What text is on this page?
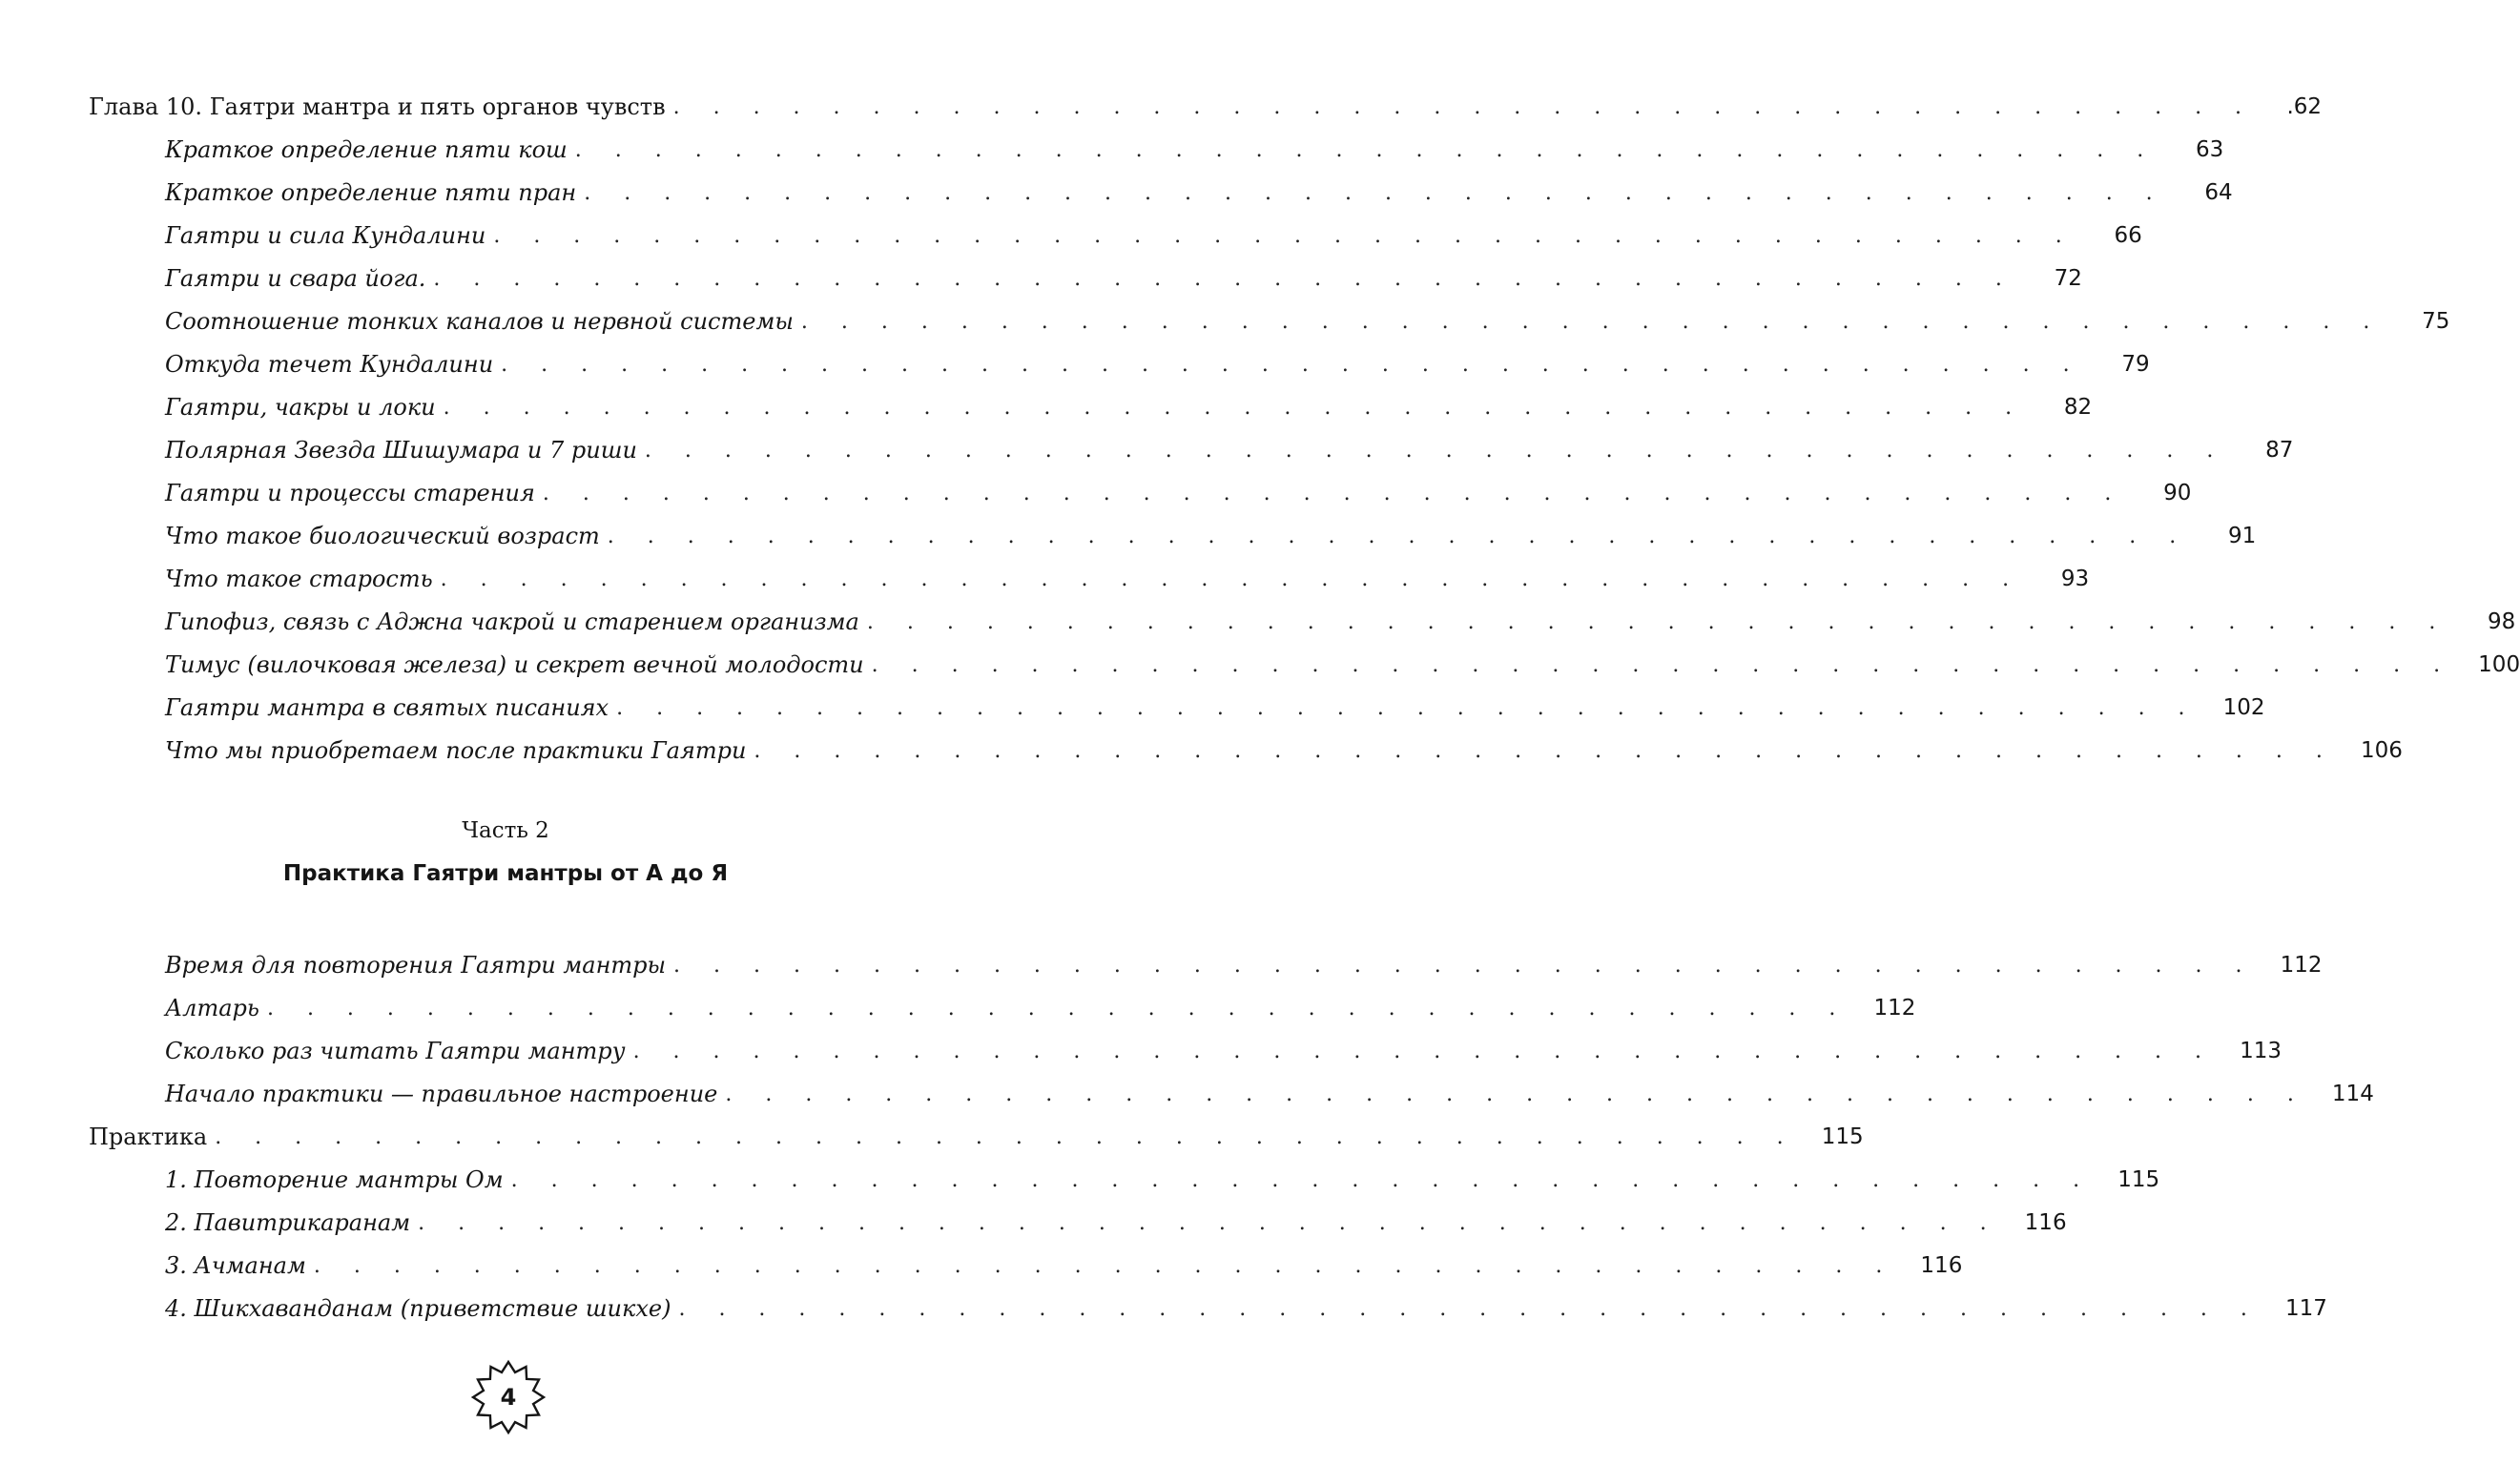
Глава 10. Гаятри мантра и пять органов чувств . . . . . . . . . . . . . . . . . . . . . . . . . . . . . . . . . . . . . . . .	.62
Краткое определение пяти кош . . . . . . . . . . . . . . . . . . . . . . . . . . . . . . . . . . . . . . . .	63
Краткое определение пяти пран . . . . . . . . . . . . . . . . . . . . . . . . . . . . . . . . . . . . . . . .	64
Гаятри и сила Кундалини . . . . . . . . . . . . . . . . . . . . . . . . . . . . . . . . . . . . . . . .	66
Гаятри и свара йога. . . . . . . . . . . . . . . . . . . . . . . . . . . . . . . . . . . . . . . . .	72
Соотношение тонких каналов и нервной системы . . . . . . . . . . . . . . . . . . . . . . . . . . . . . . . . . . . . . . . .	75
Откуда течет Кундалини . . . . . . . . . . . . . . . . . . . . . . . . . . . . . . . . . . . . . . . .	79
Гаятри, чакры и локи . . . . . . . . . . . . . . . . . . . . . . . . . . . . . . . . . . . . . . . .	82
Полярная Звезда Шишумара и 7 риши . . . . . . . . . . . . . . . . . . . . . . . . . . . . . . . . . . . . . . . .	87
Гаятри и процессы старения . . . . . . . . . . . . . . . . . . . . . . . . . . . . . . . . . . . . . . . .	90
Что такое биологический возраст . . . . . . . . . . . . . . . . . . . . . . . . . . . . . . . . . . . . . . . .	91
Что такое старость . . . . . . . . . . . . . . . . . . . . . . . . . . . . . . . . . . . . . . . .	93
Гипофиз, связь с Аджна чакрой и старением организма . . . . . . . . . . . . . . . . . . . . . . . . . . . . . . . . . . . . . . . .	98
Тимус (вилочковая железа) и секрет вечной молодости . . . . . . . . . . . . . . . . . . . . . . . . . . . . . . . . . . . . . . . .	100
Гаятри мантра в святых писаниях . . . . . . . . . . . . . . . . . . . . . . . . . . . . . . . . . . . . . . . .	102
Что мы приобретаем после практики Гаятри . . . . . . . . . . . . . . . . . . . . . . . . . . . . . . . . . . . . . . . .	106
Часть 2
Практика Гаятри мантры от А до Я
Время для повторения Гаятри мантры . . . . . . . . . . . . . . . . . . . . . . . . . . . . . . . . . . . . . . . .	112
Алтарь . . . . . . . . . . . . . . . . . . . . . . . . . . . . . . . . . . . . . . . .	112
Сколько раз читать Гаятри мантру . . . . . . . . . . . . . . . . . . . . . . . . . . . . . . . . . . . . . . . .	113
Начало практики — правильное настроение . . . . . . . . . . . . . . . . . . . . . . . . . . . . . . . . . . . . . . . .	114
Практика . . . . . . . . . . . . . . . . . . . . . . . . . . . . . . . . . . . . . . . .	115
1. Повторение мантры Ом . . . . . . . . . . . . . . . . . . . . . . . . . . . . . . . . . . . . . . . .	115
2. Павитрикаранам . . . . . . . . . . . . . . . . . . . . . . . . . . . . . . . . . . . . . . . .	116
3. Ачманам . . . . . . . . . . . . . . . . . . . . . . . . . . . . . . . . . . . . . . . .	116
4. Шикхаванданам (приветствие шикхе) . . . . . . . . . . . . . . . . . . . . . . . . . . . . . . . . . . . . . . . .	117
4
